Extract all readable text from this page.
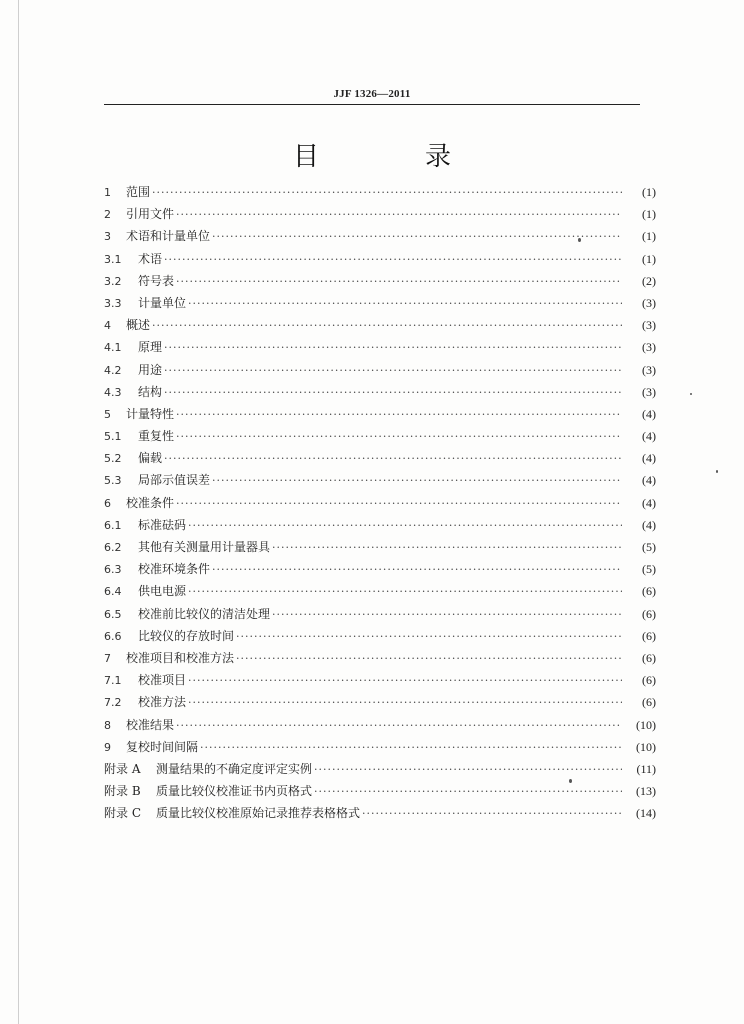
JJF 1326—2011
目　录
1	范围 ·····	(1)
2	引用文件 ·····	(1)
3	术语和计量单位 ·····	(1)
3.1	术语 ·····	(1)
3.2	符号表 ·····	(2)
3.3	计量单位 ·····	(3)
4	概述 ·····	(3)
4.1	原理 ·····	(3)
4.2	用途 ·····	(3)
4.3	结构 ·····	(3)
5	计量特性 ·····	(4)
5.1	重复性 ·····	(4)
5.2	偏载 ·····	(4)
5.3	局部示值误差 ·····	(4)
6	校准条件 ·····	(4)
6.1	标准砝码 ·····	(4)
6.2	其他有关测量用计量器具 ·····	(5)
6.3	校准环境条件 ·····	(5)
6.4	供电电源 ·····	(6)
6.5	校准前比较仪的清洁处理 ·····	(6)
6.6	比较仪的存放时间 ·····	(6)
7	校准项目和校准方法 ·····	(6)
7.1	校准项目 ·····	(6)
7.2	校准方法 ·····	(6)
8	校准结果 ·····	(10)
9	复校时间间隔 ·····	(10)
附录 A	测量结果的不确定度评定实例 ·····	(11)
附录 B	质量比较仪校准证书内页格式 ·····	(13)
附录 C	质量比较仪校准原始记录推荐表格格式 ·····	(14)
